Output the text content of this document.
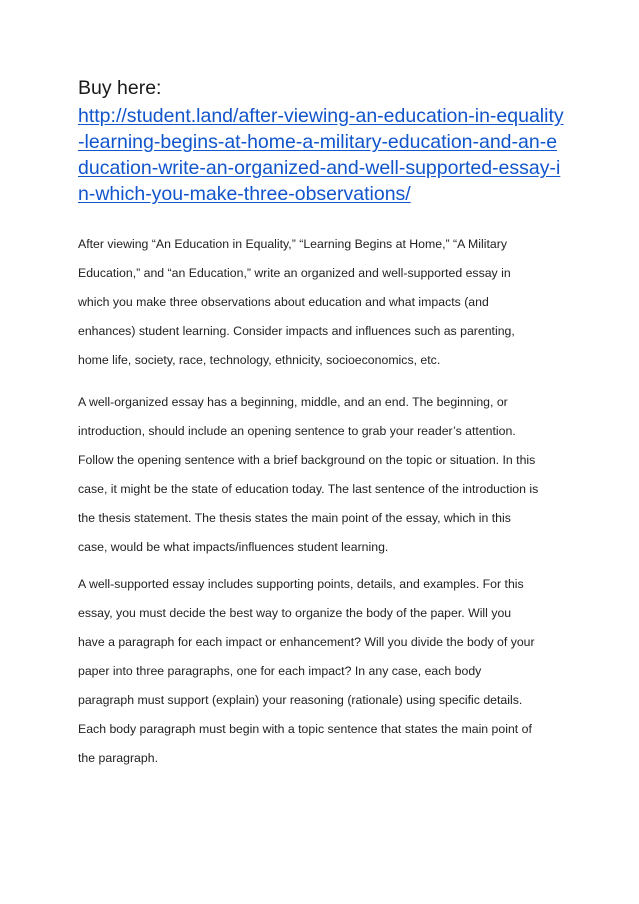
Buy here:
http://student.land/after-viewing-an-education-in-equality
-learning-begins-at-home-a-military-education-and-an-e
ducation-write-an-organized-and-well-supported-essay-i
n-which-you-make-three-observations/
After viewing “An Education in Equality,” “Learning Begins at Home,” “A Military
Education,” and “an Education,” write an organized and well-supported essay in
which you make three observations about education and what impacts (and
enhances) student learning. Consider impacts and influences such as parenting,
home life, society, race, technology, ethnicity, socioeconomics, etc.
A well-organized essay has a beginning, middle, and an end. The beginning, or
introduction, should include an opening sentence to grab your reader’s attention.
Follow the opening sentence with a brief background on the topic or situation. In this
case, it might be the state of education today. The last sentence of the introduction is
the thesis statement. The thesis states the main point of the essay, which in this
case, would be what impacts/influences student learning.
A well-supported essay includes supporting points, details, and examples. For this
essay, you must decide the best way to organize the body of the paper. Will you
have a paragraph for each impact or enhancement? Will you divide the body of your
paper into three paragraphs, one for each impact? In any case, each body
paragraph must support (explain) your reasoning (rationale) using specific details.
Each body paragraph must begin with a topic sentence that states the main point of
the paragraph.
